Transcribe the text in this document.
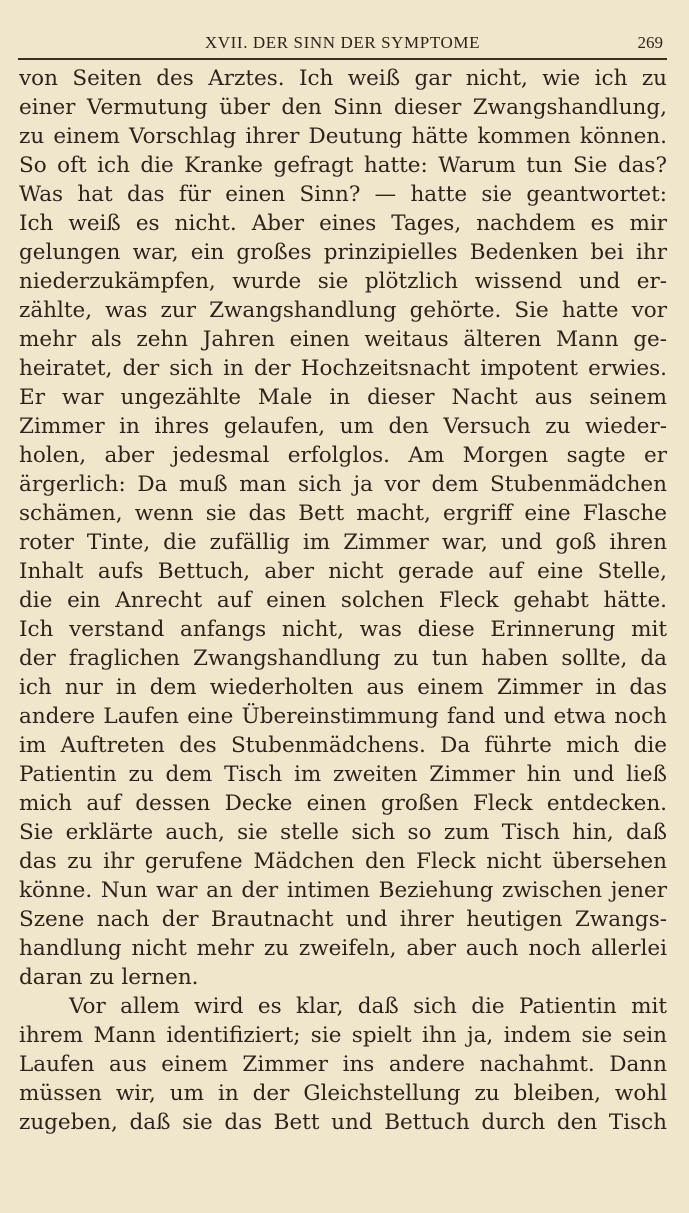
XVII. DER SINN DER SYMPTOME	269
von Seiten des Arztes. Ich weiß gar nicht, wie ich zu
einer Vermutung über den Sinn dieser Zwangshandlung,
zu einem Vorschlag ihrer Deutung hätte kommen können.
So oft ich die Kranke gefragt hatte: Warum tun Sie das?
Was hat das für einen Sinn? — hatte sie geantwortet:
Ich weiß es nicht. Aber eines Tages, nachdem es mir
gelungen war, ein großes prinzipielles Bedenken bei ihr
niederzukämpfen, wurde sie plötzlich wissend und er-
zählte, was zur Zwangshandlung gehörte. Sie hatte vor
mehr als zehn Jahren einen weitaus älteren Mann ge-
heiratet, der sich in der Hochzeitsnacht impotent erwies.
Er war ungezählte Male in dieser Nacht aus seinem
Zimmer in ihres gelaufen, um den Versuch zu wieder-
holen, aber jedesmal erfolglos. Am Morgen sagte er
ärgerlich: Da muß man sich ja vor dem Stubenmädchen
schämen, wenn sie das Bett macht, ergriff eine Flasche
roter Tinte, die zufällig im Zimmer war, und goß ihren
Inhalt aufs Bettuch, aber nicht gerade auf eine Stelle,
die ein Anrecht auf einen solchen Fleck gehabt hätte.
Ich verstand anfangs nicht, was diese Erinnerung mit
der fraglichen Zwangshandlung zu tun haben sollte, da
ich nur in dem wiederholten aus einem Zimmer in das
andere Laufen eine Übereinstimmung fand und etwa noch
im Auftreten des Stubenmädchens. Da führte mich die
Patientin zu dem Tisch im zweiten Zimmer hin und ließ
mich auf dessen Decke einen großen Fleck entdecken.
Sie erklärte auch, sie stelle sich so zum Tisch hin, daß
das zu ihr gerufene Mädchen den Fleck nicht übersehen
könne. Nun war an der intimen Beziehung zwischen jener
Szene nach der Brautnacht und ihrer heutigen Zwangs-
handlung nicht mehr zu zweifeln, aber auch noch allerlei
daran zu lernen.
Vor allem wird es klar, daß sich die Patientin mit
ihrem Mann identifiziert; sie spielt ihn ja, indem sie sein
Laufen aus einem Zimmer ins andere nachahmt. Dann
müssen wir, um in der Gleichstellung zu bleiben, wohl
zugeben, daß sie das Bett und Bettuch durch den Tisch
